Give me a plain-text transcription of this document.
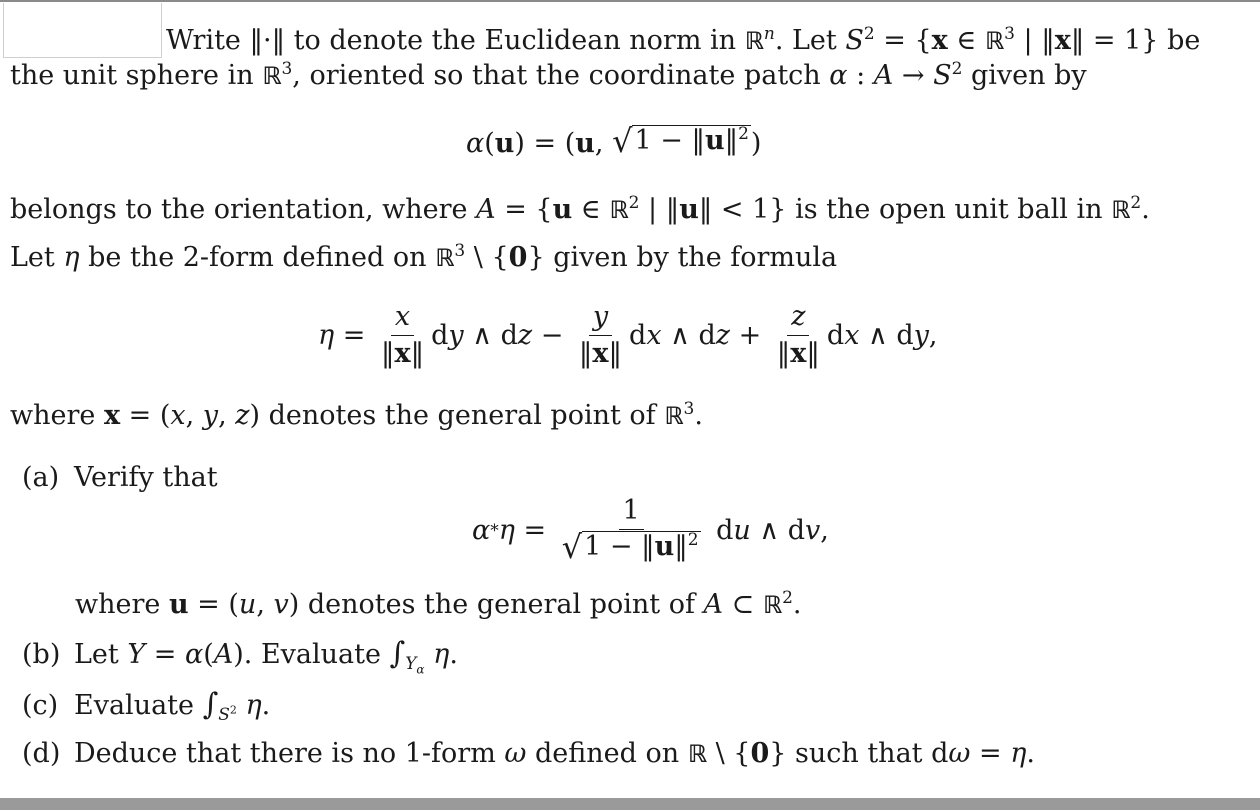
Write ‖·‖ to denote the Euclidean norm in ℝ$^n$. Let $S^2 = \{x$ ∈ ℝ$^3$ | ‖x‖ = 1} be
the unit sphere in ℝ$^3$, oriented so that the coordinate patch α : $A \to S^2$ given by
α(u) = (u, √ 1 − ‖u‖$^2$ )
belongs to the orientation, where A = {u ∈ ℝ$^2$ | ‖u‖ < 1} is the open unit ball in ℝ$^2$.
Let η be the 2-form defined on ℝ$^3$ \ {0} given by the formula
$\eta = \frac{x}{‖x‖}$ dy ∧ dz − $\frac{y}{‖x‖}$ dx ∧ dz + $\frac{z}{‖x‖}$ dx ∧ dy,
where x = (x, y, z) denotes the general point of ℝ$^3$.
(a) Verify that
$\alpha * \eta = \frac{1}{√ 1 - ‖u‖^2}$ du ∧ dv,
where u = (u, v) denotes the general point of A ⊂ ℝ$^2$.
(b) Let Y = α(A). Evaluate $\int_{Y_\alpha}$ η.
(c) Evaluate $\int_{S^2}$ η.
(d) Deduce that there is no 1-form ω defined on ℝ \ {0} such that dω = η.
